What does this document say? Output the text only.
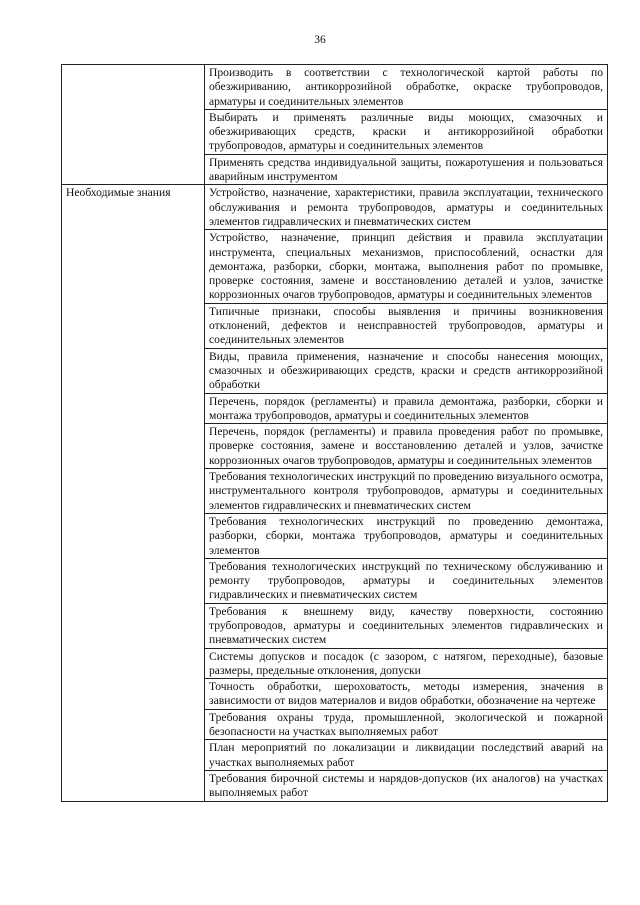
36

	Производить в соответствии с технологической картой работы по обезжириванию, антикоррозийной обработке, окраске трубопроводов, арматуры и соединительных элементов

	Выбирать и применять различные виды моющих, смазочных и обезжиривающих средств, краски и антикоррозийной обработки трубопроводов, арматуры и соединительных элементов

	Применять средства индивидуальной защиты, пожаротушения и пользоваться аварийным инструментом

Необходимые знания	Устройство, назначение, характеристики, правила эксплуатации, технического обслуживания и ремонта трубопроводов, арматуры и соединительных элементов гидравлических и пневматических систем

	Устройство, назначение, принцип действия и правила эксплуатации инструмента, специальных механизмов, приспособлений, оснастки для демонтажа, разборки, сборки, монтажа, выполнения работ по промывке, проверке состояния, замене и восстановлению деталей и узлов, зачистке коррозионных очагов трубопроводов, арматуры и соединительных элементов

	Типичные признаки, способы выявления и причины возникновения отклонений, дефектов и неисправностей трубопроводов, арматуры и соединительных элементов

	Виды, правила применения, назначение и способы нанесения моющих, смазочных и обезжиривающих средств, краски и средств антикоррозийной обработки

	Перечень, порядок (регламенты) и правила демонтажа, разборки, сборки и монтажа трубопроводов, арматуры и соединительных элементов

	Перечень, порядок (регламенты) и правила проведения работ по промывке, проверке состояния, замене и восстановлению деталей и узлов, зачистке коррозионных очагов трубопроводов, арматуры и соединительных элементов

	Требования технологических инструкций по проведению визуального осмотра, инструментального контроля трубопроводов, арматуры и соединительных элементов гидравлических и пневматических систем

	Требования технологических инструкций по проведению демонтажа, разборки, сборки, монтажа трубопроводов, арматуры и соединительных элементов

	Требования технологических инструкций по техническому обслуживанию и ремонту трубопроводов, арматуры и соединительных элементов гидравлических и пневматических систем

	Требования к внешнему виду, качеству поверхности, состоянию трубопроводов, арматуры и соединительных элементов гидравлических и пневматических систем

	Системы допусков и посадок (с зазором, с натягом, переходные), базовые размеры, предельные отклонения, допуски

	Точность обработки, шероховатость, методы измерения, значения в зависимости от видов материалов и видов обработки, обозначение на чертеже

	Требования охраны труда, промышленной, экологической и пожарной безопасности на участках выполняемых работ

	План мероприятий по локализации и ликвидации последствий аварий на участках выполняемых работ

	Требования бирочной системы и нарядов-допусков (их аналогов) на участках выполняемых работ
